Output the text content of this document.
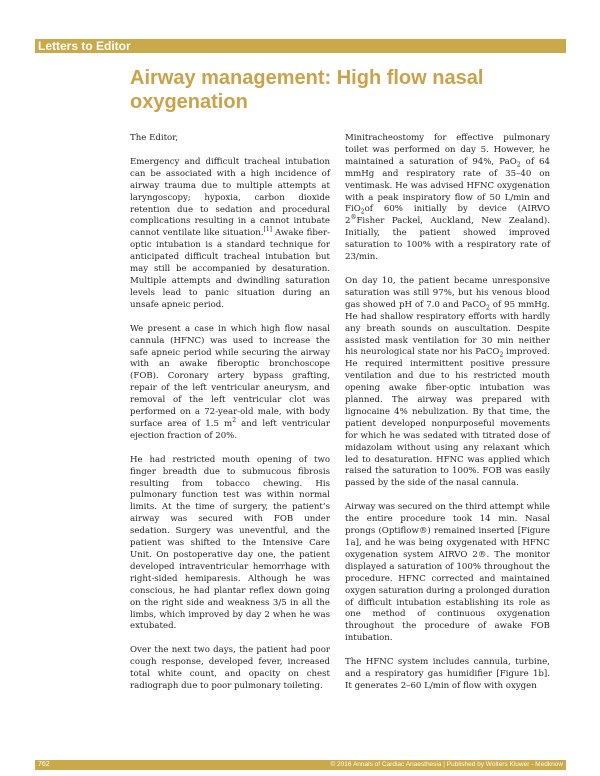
Letters to Editor
Airway management: High flow nasal oxygenation

The Editor,

Emergency and difficult tracheal intubation can be associated with a high incidence of airway trauma due to multiple attempts at laryngoscopy; hypoxia, carbon dioxide retention due to sedation and procedural complications resulting in a cannot intubate cannot ventilate like situation.[1] Awake fiber-optic intubation is a standard technique for anticipated difficult tracheal intubation but may still be accompanied by desaturation. Multiple attempts and dwindling saturation levels lead to panic situation during an unsafe apneic period.

We present a case in which high flow nasal cannula (HFNC) was used to increase the safe apneic period while securing the airway with an awake fiberoptic bronchoscope (FOB). Coronary artery bypass grafting, repair of the left ventricular aneurysm, and removal of the left ventricular clot was performed on a 72-year-old male, with body surface area of 1.5 $m^2$ and left ventricular ejection fraction of 20%.

He had restricted mouth opening of two finger breadth due to submucous fibrosis resulting from tobacco chewing. His pulmonary function test was within normal limits. At the time of surgery, the patient’s airway was secured with FOB under sedation. Surgery was uneventful, and the patient was shifted to the Intensive Care Unit. On postoperative day one, the patient developed intraventricular hemorrhage with right-sided hemiparesis. Although he was conscious, he had plantar reflex down going on the right side and weakness 3/5 in all the limbs, which improved by day 2 when he was extubated.

Over the next two days, the patient had poor cough response, developed fever, increased total white count, and opacity on chest radiograph due to poor pulmonary toileting.

Minitracheostomy for effective pulmonary toilet was performed on day 5. However, he maintained a saturation of 94%, PaO$_2$ of 64 mmHg and respiratory rate of 35–40 on ventimask. He was advised HFNC oxygenation with a peak inspiratory flow of 50 L/min and FiO$_2$of 60% initially by device (AIRVO 2®Fisher Packel, Auckland, New Zealand). Initially, the patient showed improved saturation to 100% with a respiratory rate of 23/min.

On day 10, the patient became unresponsive saturation was still 97%, but his venous blood gas showed pH of 7.0 and PaCO$_2$ of 95 mmHg. He had shallow respiratory efforts with hardly any breath sounds on auscultation. Despite assisted mask ventilation for 30 min neither his neurological state nor his PaCO$_2$ improved. He required intermittent positive pressure ventilation and due to his restricted mouth opening awake fiber-optic intubation was planned. The airway was prepared with lignocaine 4% nebulization. By that time, the patient developed nonpurposeful movements for which he was sedated with titrated dose of midazolam without using any relaxant which led to desaturation. HFNC was applied which raised the saturation to 100%. FOB was easily passed by the side of the nasal cannula.

Airway was secured on the third attempt while the entire procedure took 14 min. Nasal prongs (Optiflow®) remained inserted [Figure 1a], and he was being oxygenated with HFNC oxygenation system AIRVO 2®. The monitor displayed a saturation of 100% throughout the procedure. HFNC corrected and maintained oxygen saturation during a prolonged duration of difficult intubation establishing its role as one method of continuous oxygenation throughout the procedure of awake FOB intubation.

The HFNC system includes cannula, turbine, and a respiratory gas humidifier [Figure 1b]. It generates 2–60 L/min of flow with oxygen

762	© 2016 Annals of Cardiac Anaesthesia | Published by Wolters Kluwer - Medknow
